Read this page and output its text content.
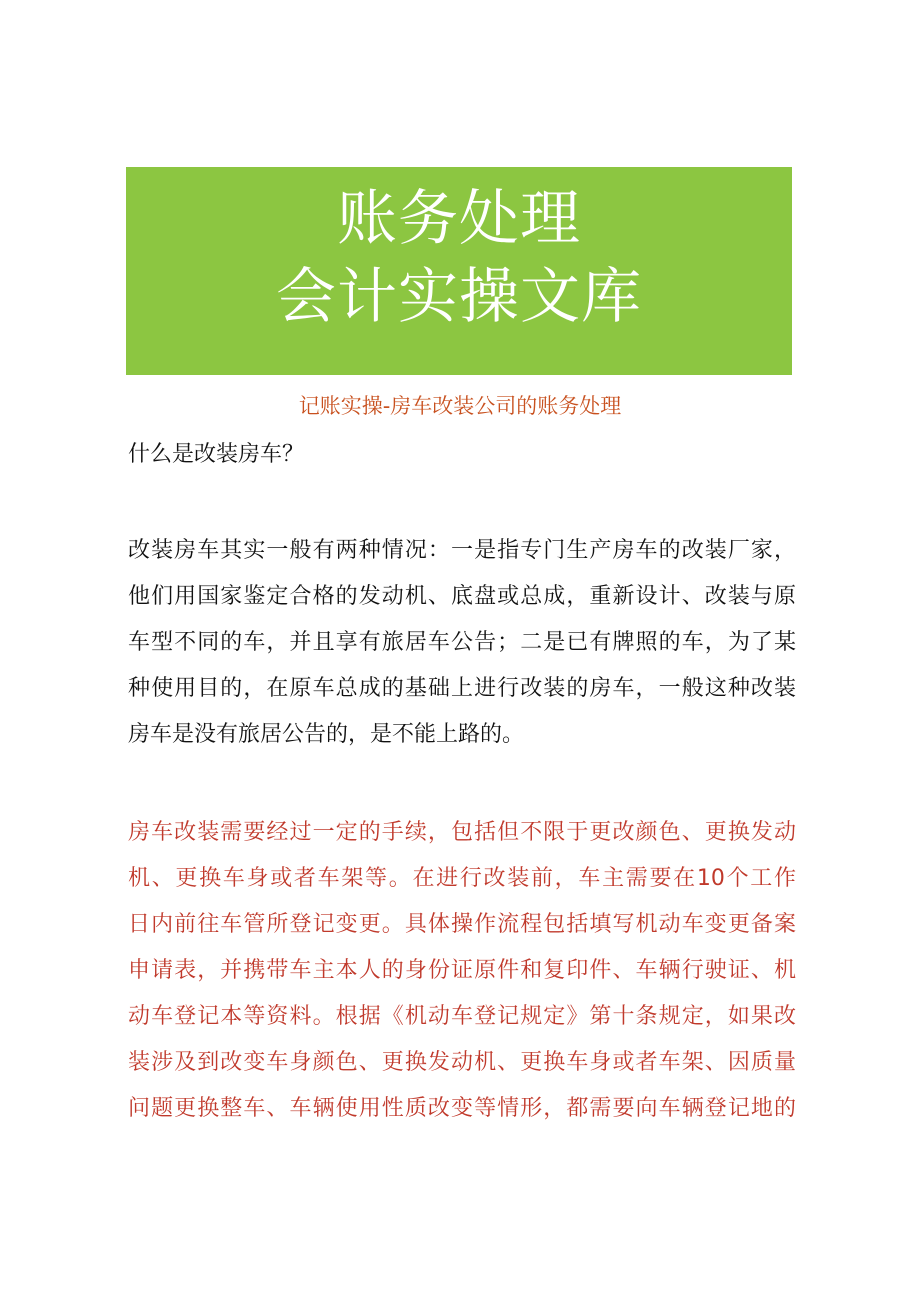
账务处理
会计实操文库
记账实操-房车改装公司的账务处理
什么是改装房车？
改装房车其实一般有两种情况：一是指专门生产房车的改装厂家，
他们用国家鉴定合格的发动机、底盘或总成，重新设计、改装与原
车型不同的车，并且享有旅居车公告；二是已有牌照的车，为了某
种使用目的，在原车总成的基础上进行改装的房车，一般这种改装
房车是没有旅居公告的，是不能上路的。
房车改装需要经过一定的手续，包括但不限于更改颜色、更换发动
机、更换车身或者车架等。在进行改装前，车主需要在10个工作
日内前往车管所登记变更。具体操作流程包括填写机动车变更备案
申请表，并携带车主本人的身份证原件和复印件、车辆行驶证、机
动车登记本等资料。根据《机动车登记规定》第十条规定，如果改
装涉及到改变车身颜色、更换发动机、更换车身或者车架、因质量
问题更换整车、车辆使用性质改变等情形，都需要向车辆登记地的
